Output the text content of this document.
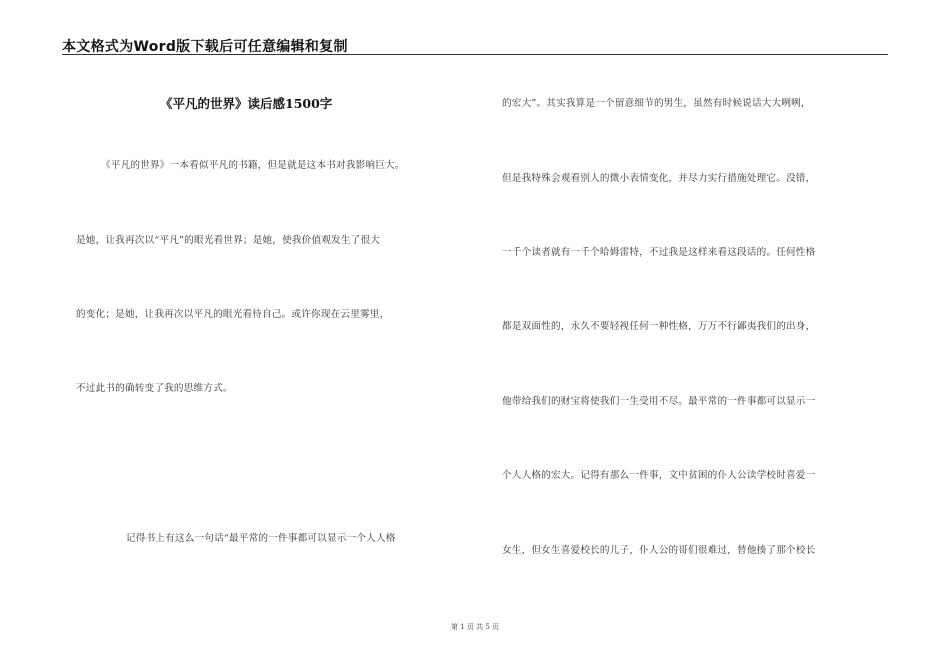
本文格式为Word版下载后可任意编辑和复制
《平凡的世界》读后感1500字
《平凡的世界》一本看似平凡的书籍，但是就是这本书对我影响巨大。
是她，让我再次以“平凡”的眼光看世界；是她，使我价值观发生了很大
的变化；是她，让我再次以平凡的眼光看待自己。或许你现在云里雾里，
不过此书的确转变了我的思维方式。
记得书上有这么一句话“最平常的一件事都可以显示一个人人格
的宏大”。其实我算是一个留意细节的男生，虽然有时候说话大大咧咧，
但是我特殊会观看别人的微小表情变化，并尽力实行措施处理它。没错，
一千个读者就有一千个哈姆雷特，不过我是这样来看这段话的。任何性格
都是双面性的，永久不要轻视任何一种性格，万万不行鄙夷我们的出身，
他带给我们的财宝将使我们一生受用不尽。最平常的一件事都可以显示一
个人人格的宏大。记得有那么一件事，文中贫困的仆人公读学校时喜爱一
女生，但女生喜爱校长的儿子，仆人公的哥们很难过，替他揍了那个校长
第 1 页 共 5 页
